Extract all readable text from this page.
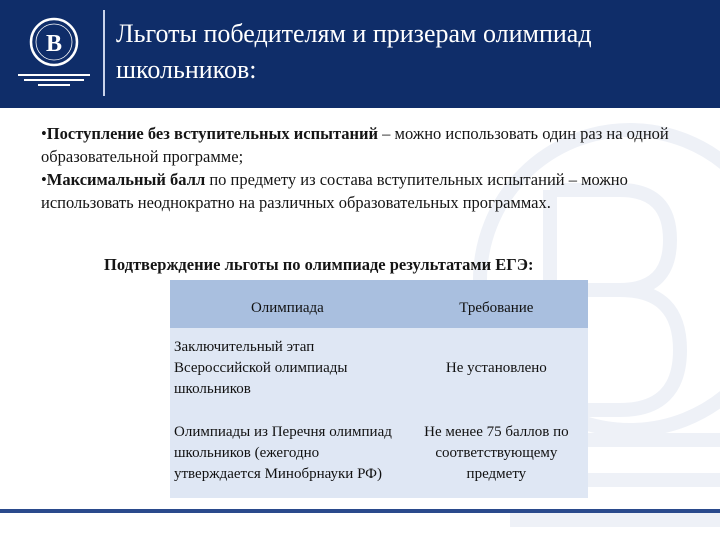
В Льготы победителям и призерам олимпиад
школьников:

•Поступление без вступительных испытаний – можно использовать один раз на одной образовательной программе;

•Максимальный балл по предмету из состава вступительных испытаний – можно использовать неоднократно на различных образовательных программах.

Подтверждение льготы по олимпиаде результатами ЕГЭ:
Олимпиада	Требование
Заключительный этап Всероссийской олимпиады школьников	Не установлено
Олимпиады из Перечня олимпиад школьников (ежегодно утверждается Минобрнауки РФ)	Не менее 75 баллов по соответствующему предмету
